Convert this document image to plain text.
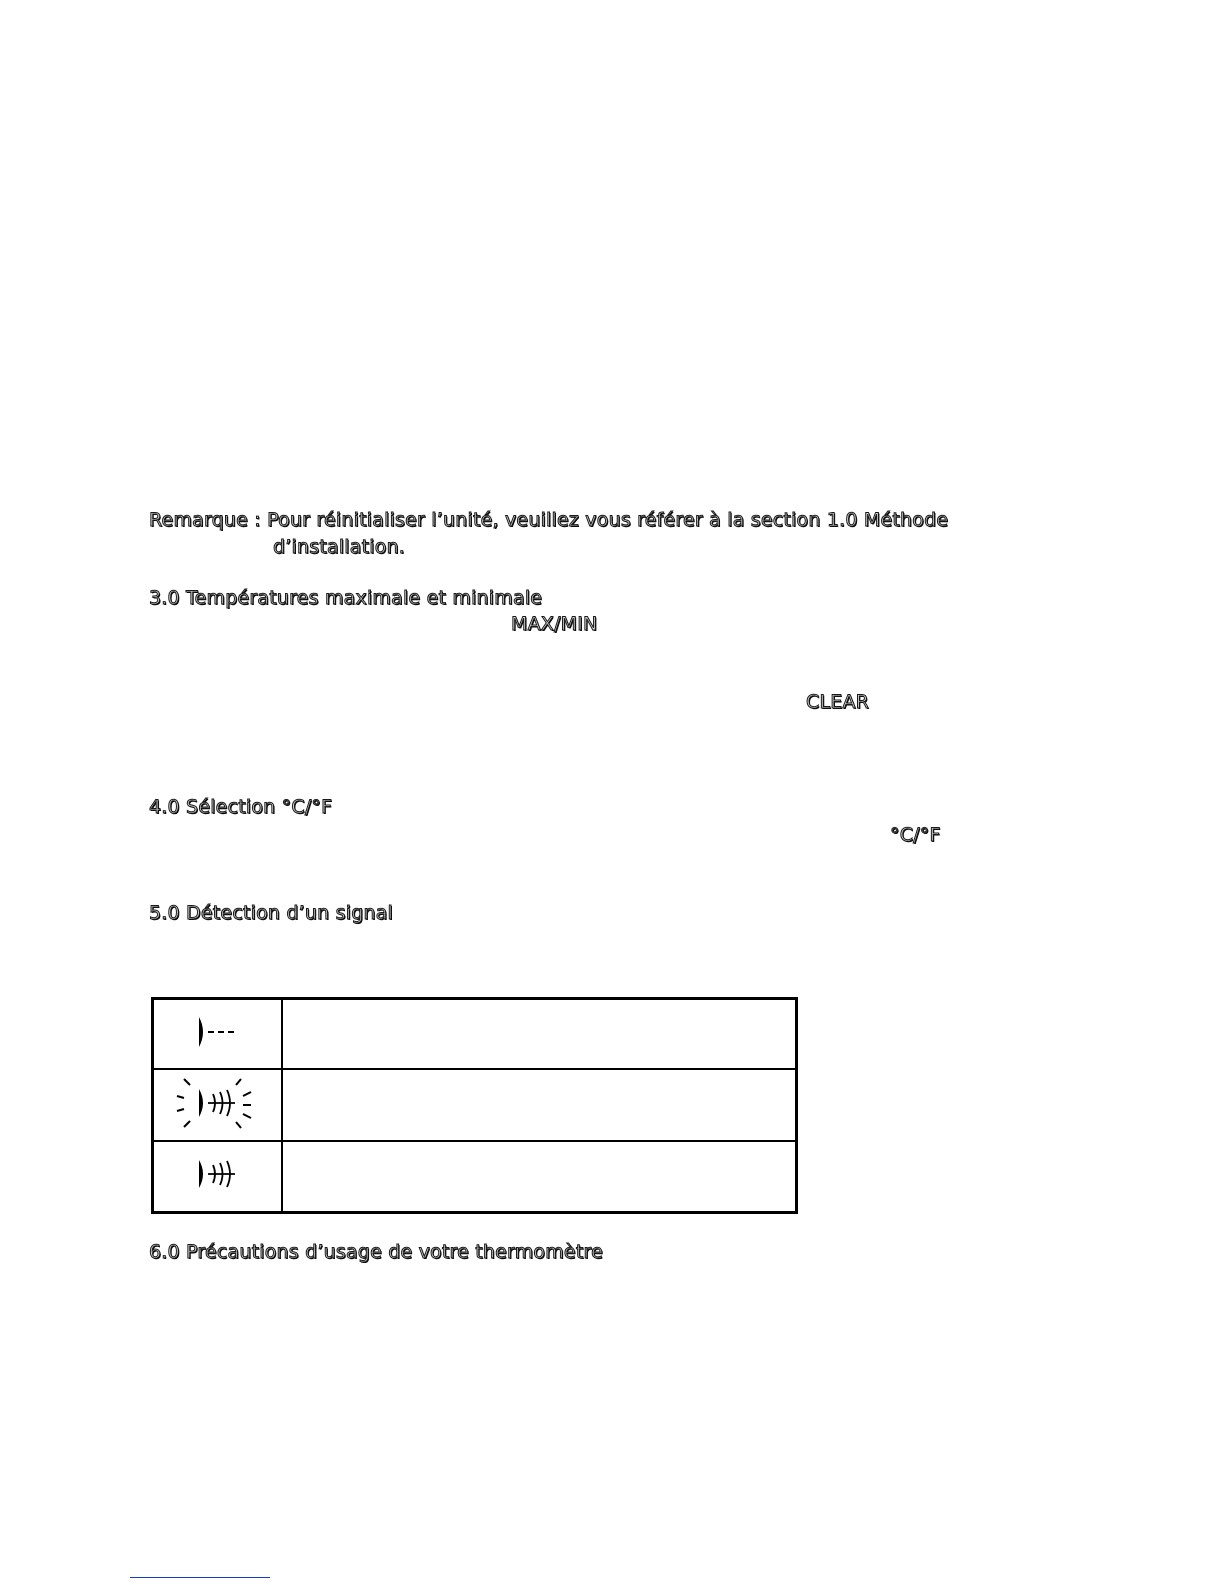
Remarque : Pour réinitialiser l’unité, veuillez vous référer à la section 1.0 Méthode
d’installation.
3.0 Températures maximale et minimale
MAX/MIN
CLEAR
4.0 Sélection °C/°F
°C/°F
5.0 Détection d’un signal

6.0 Précautions d’usage de votre thermomètre
